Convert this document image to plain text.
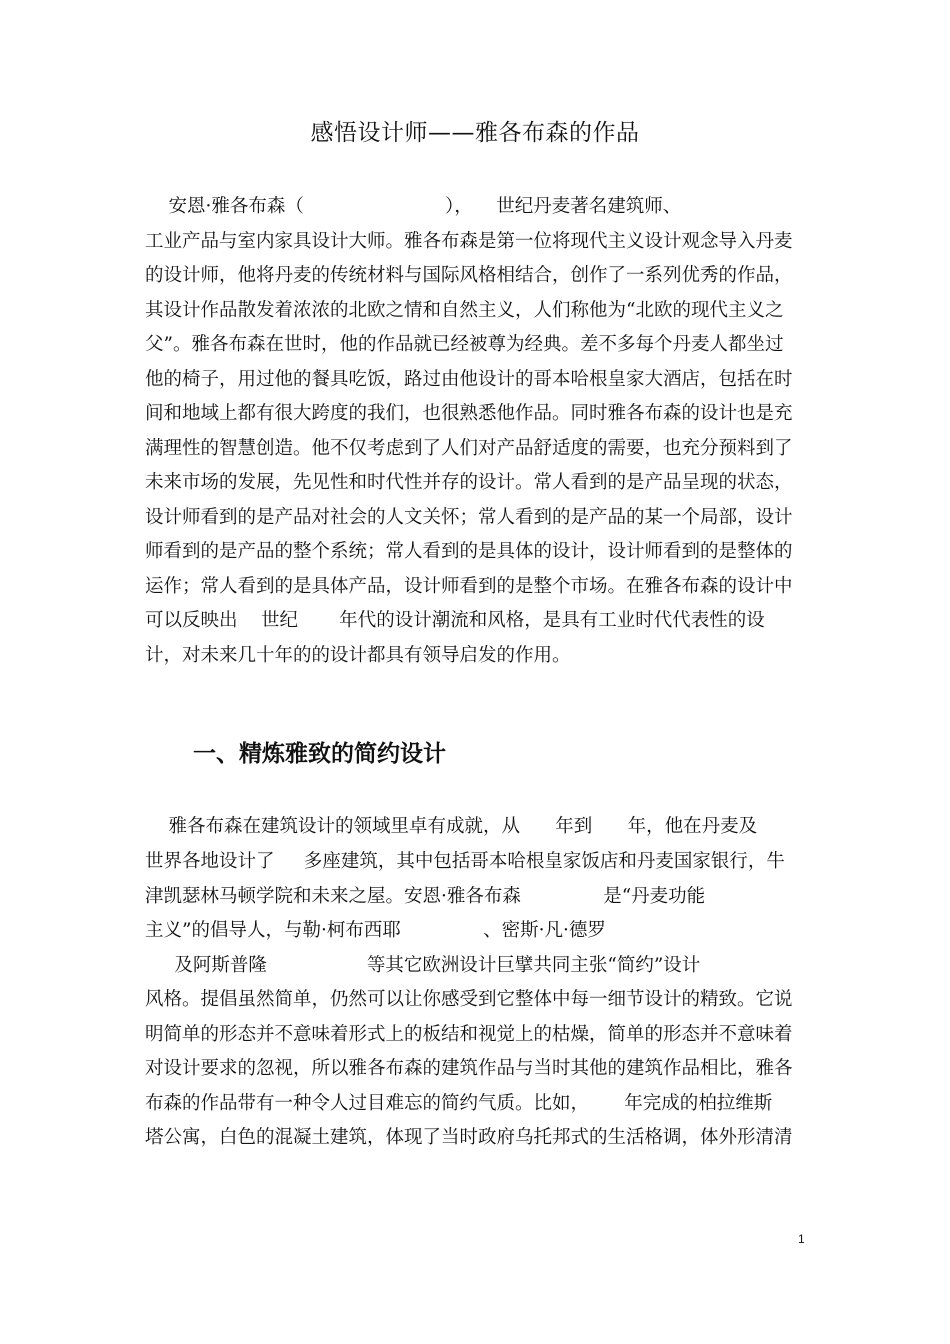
感悟设计师——雅各布森的作品
安恩·雅各布森（                        ），    世纪丹麦著名建筑师、
工业产品与室内家具设计大师。雅各布森是第一位将现代主义设计观念导入丹麦
的设计师，他将丹麦的传统材料与国际风格相结合，创作了一系列优秀的作品，
其设计作品散发着浓浓的北欧之情和自然主义，人们称他为“北欧的现代主义之
父”。雅各布森在世时，他的作品就已经被尊为经典。差不多每个丹麦人都坐过
他的椅子，用过他的餐具吃饭，路过由他设计的哥本哈根皇家大酒店，包括在时
间和地域上都有很大跨度的我们，也很熟悉他作品。同时雅各布森的设计也是充
满理性的智慧创造。他不仅考虑到了人们对产品舒适度的需要，也充分预料到了
未来市场的发展，先见性和时代性并存的设计。常人看到的是产品呈现的状态，
设计师看到的是产品对社会的人文关怀；常人看到的是产品的某一个局部，设计
师看到的是产品的整个系统；常人看到的是具体的设计，设计师看到的是整体的
运作；常人看到的是具体产品，设计师看到的是整个市场。在雅各布森的设计中
可以反映出    世纪       年代的设计潮流和风格，是具有工业时代代表性的设
计，对未来几十年的的设计都具有领导启发的作用。
一、精炼雅致的简约设计
雅各布森在建筑设计的领域里卓有成就，从      年到      年，他在丹麦及
世界各地设计了     多座建筑，其中包括哥本哈根皇家饭店和丹麦国家银行，牛
津凯瑟林马顿学院和未来之屋。安恩·雅各布森              是“丹麦功能
主义”的倡导人，与勒·柯布西耶              、密斯·凡·德罗
及阿斯普隆                 等其它欧洲设计巨擘共同主张“简约”设计
风格。提倡虽然简单，仍然可以让你感受到它整体中每一细节设计的精致。它说
明简单的形态并不意味着形式上的板结和视觉上的枯燥，简单的形态并不意味着
对设计要求的忽视，所以雅各布森的建筑作品与当时其他的建筑作品相比，雅各
布森的作品带有一种令人过目难忘的简约气质。比如，      年完成的柏拉维斯
塔公寓，白色的混凝土建筑，体现了当时政府乌托邦式的生活格调，体外形清清
1
